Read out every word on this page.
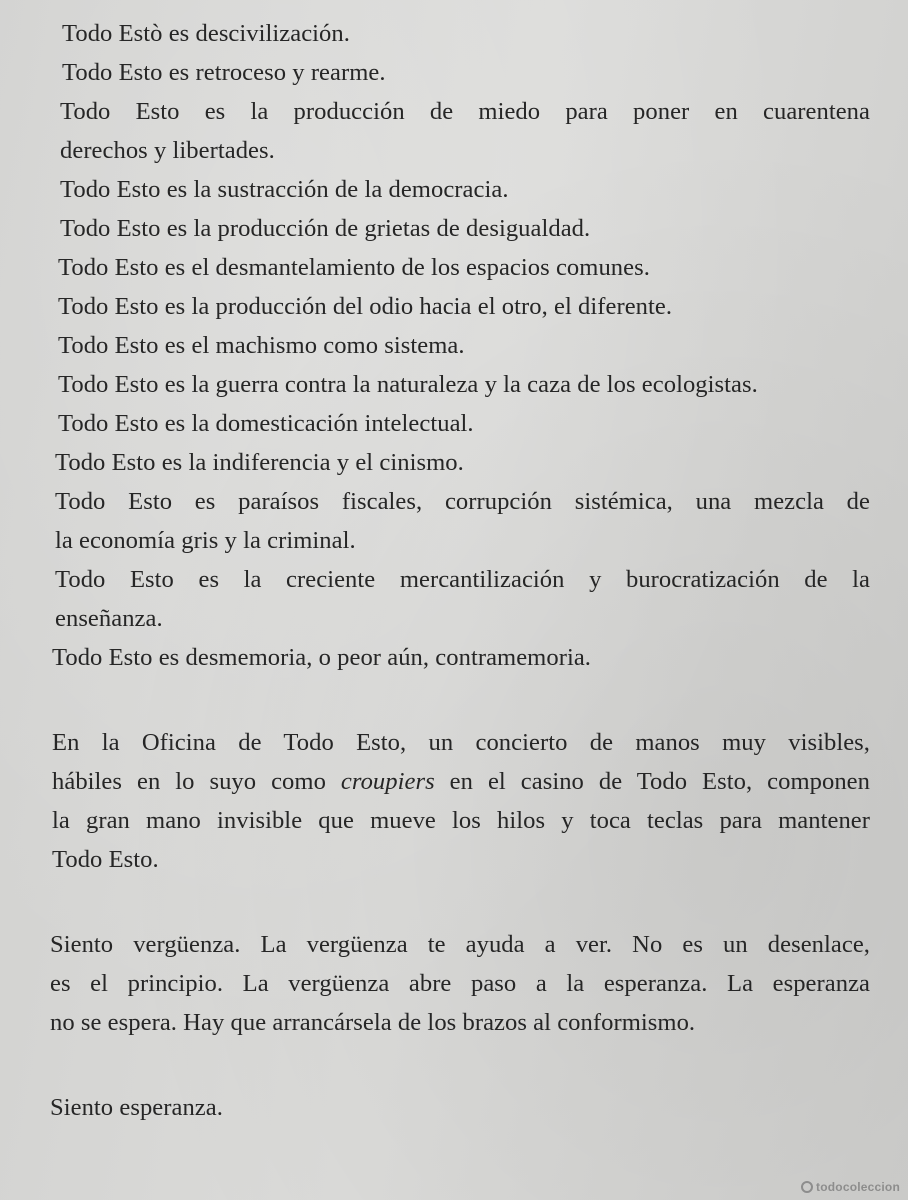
Todo Estò es descivilización.

Todo Esto es retroceso y rearme.

Todo Esto es la producción de miedo para poner en cuarentena

derechos y libertades.

Todo Esto es la sustracción de la democracia.

Todo Esto es la producción de grietas de desigualdad.

Todo Esto es el desmantelamiento de los espacios comunes.

Todo Esto es la producción del odio hacia el otro, el diferente.

Todo Esto es el machismo como sistema.

Todo Esto es la guerra contra la naturaleza y la caza de los ecologistas.

Todo Esto es la domesticación intelectual.

Todo Esto es la indiferencia y el cinismo.

Todo Esto es paraísos fiscales, corrupción sistémica, una mezcla de

la economía gris y la criminal.

Todo Esto es la creciente mercantilización y burocratización de la

enseñanza.

Todo Esto es desmemoria, o peor aún, contramemoria.

En la Oficina de Todo Esto, un concierto de manos muy visibles,

hábiles en lo suyo como croupiers en el casino de Todo Esto, componen

la gran mano invisible que mueve los hilos y toca teclas para mantener

Todo Esto.

Siento vergüenza. La vergüenza te ayuda a ver. No es un desenlace,

es el principio. La vergüenza abre paso a la esperanza. La esperanza

no se espera. Hay que arrancársela de los brazos al conformismo.

Siento esperanza.

todocoleccion
